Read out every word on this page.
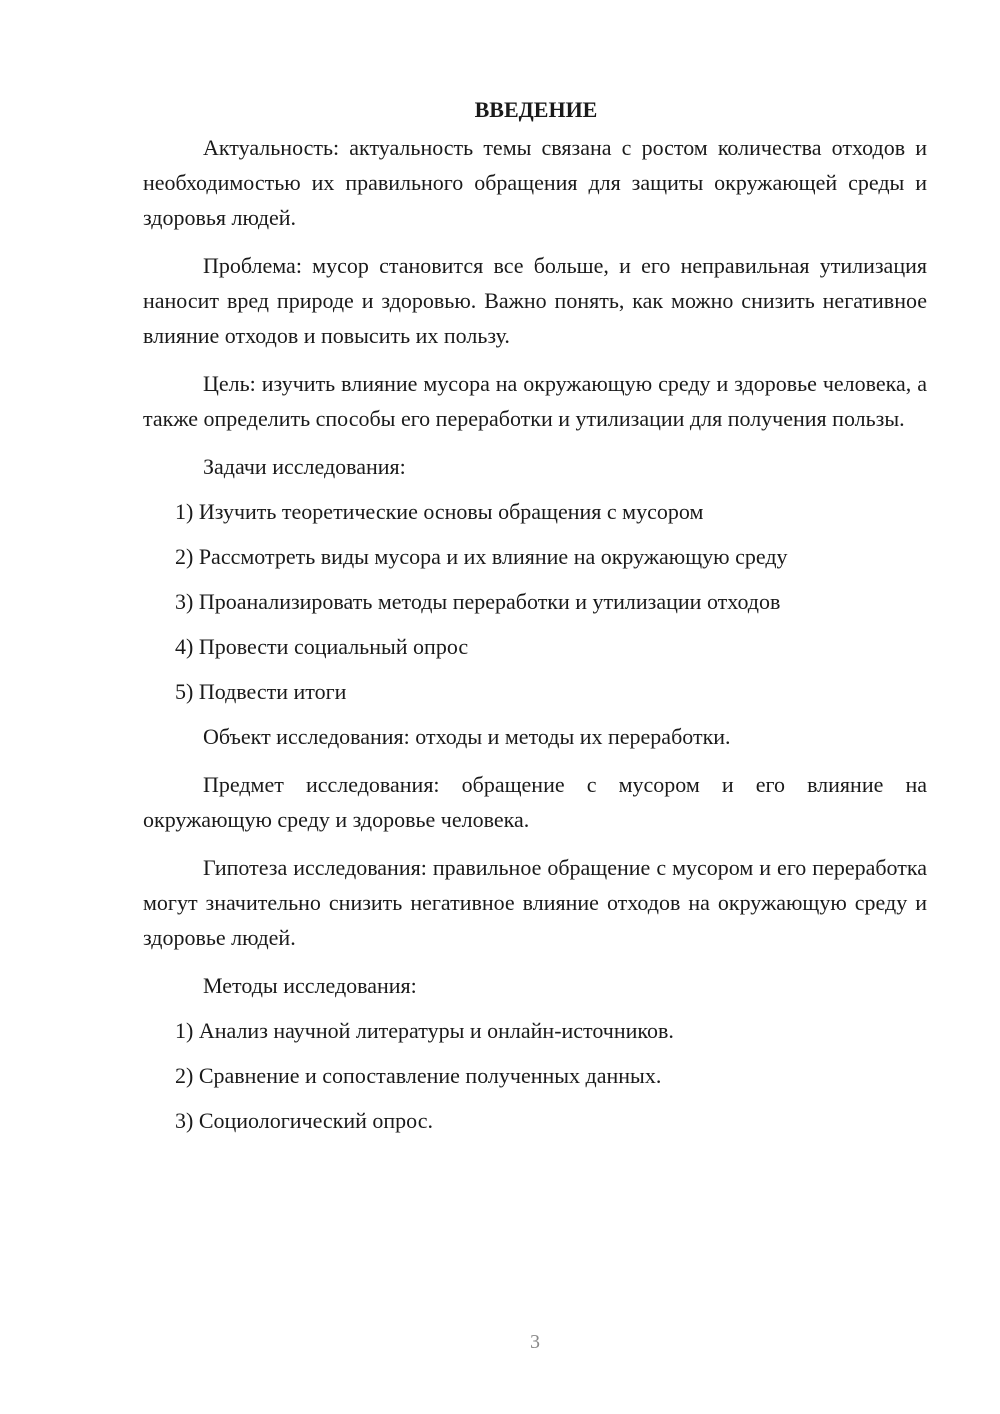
ВВЕДЕНИЕ

Актуальность: актуальность темы связана с ростом количества отходов и необходимостью их правильного обращения для защиты окружающей среды и здоровья людей.

Проблема: мусор становится все больше, и его неправильная утилизация наносит вред природе и здоровью. Важно понять, как можно снизить негативное влияние отходов и повысить их пользу.

Цель: изучить влияние мусора на окружающую среду и здоровье человека, а также определить способы его переработки и утилизации для получения пользы.

Задачи исследования:
1) Изучить теоретические основы обращения с мусором
2) Рассмотреть виды мусора и их влияние на окружающую среду
3) Проанализировать методы переработки и утилизации отходов
4) Провести социальный опрос
5) Подвести итоги

Объект исследования: отходы и методы их переработки.

Предмет исследования: обращение с мусором и его влияние на окружающую среду и здоровье человека.

Гипотеза исследования: правильное обращение с мусором и его переработка могут значительно снизить негативное влияние отходов на окружающую среду и здоровье людей.

Методы исследования:
1) Анализ научной литературы и онлайн-источников.
2) Сравнение и сопоставление полученных данных.
3) Социологический опрос.
3
